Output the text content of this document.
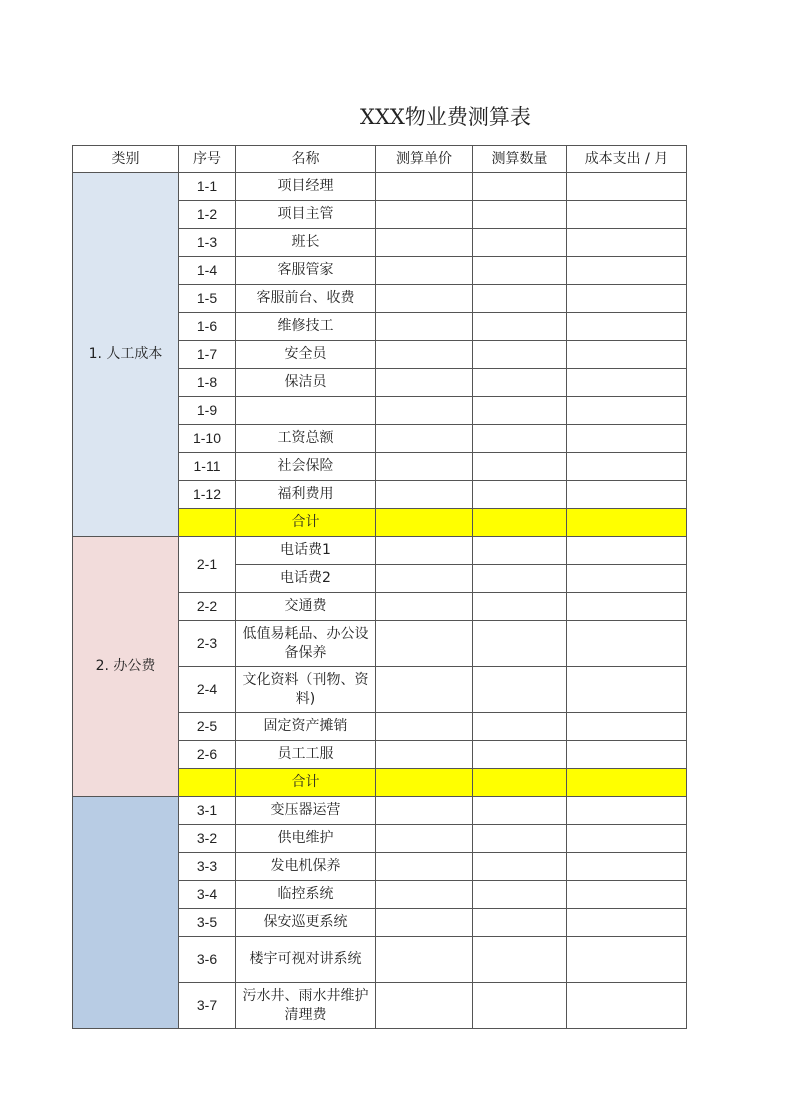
XXX物业费测算表
类别	序号	名称	测算单价	测算数量	成本支出 / 月
1. 人工成本	1-1	项目经理			
	1-2	项目主管			
	1-3	班长			
	1-4	客服管家			
	1-5	客服前台、收费			
	1-6	维修技工			
	1-7	安全员			
	1-8	保洁员			
	1-9				
	1-10	工资总额			
	1-11	社会保险			
	1-12	福利费用			
		合计			
2. 办公费	2-1	电话费1			
		电话费2			
	2-2	交通费			
	2-3	低值易耗品、办公设备保养			
	2-4	文化资料（刊物、资料)			
	2-5	固定资产摊销			
	2-6	员工工服			
		合计			
	3-1	变压器运营			
	3-2	供电维护			
	3-3	发电机保养			
	3-4	临控系统			
	3-5	保安巡更系统			
	3-6	楼宇可视对讲系统			
	3-7	污水井、雨水井维护清理费			
